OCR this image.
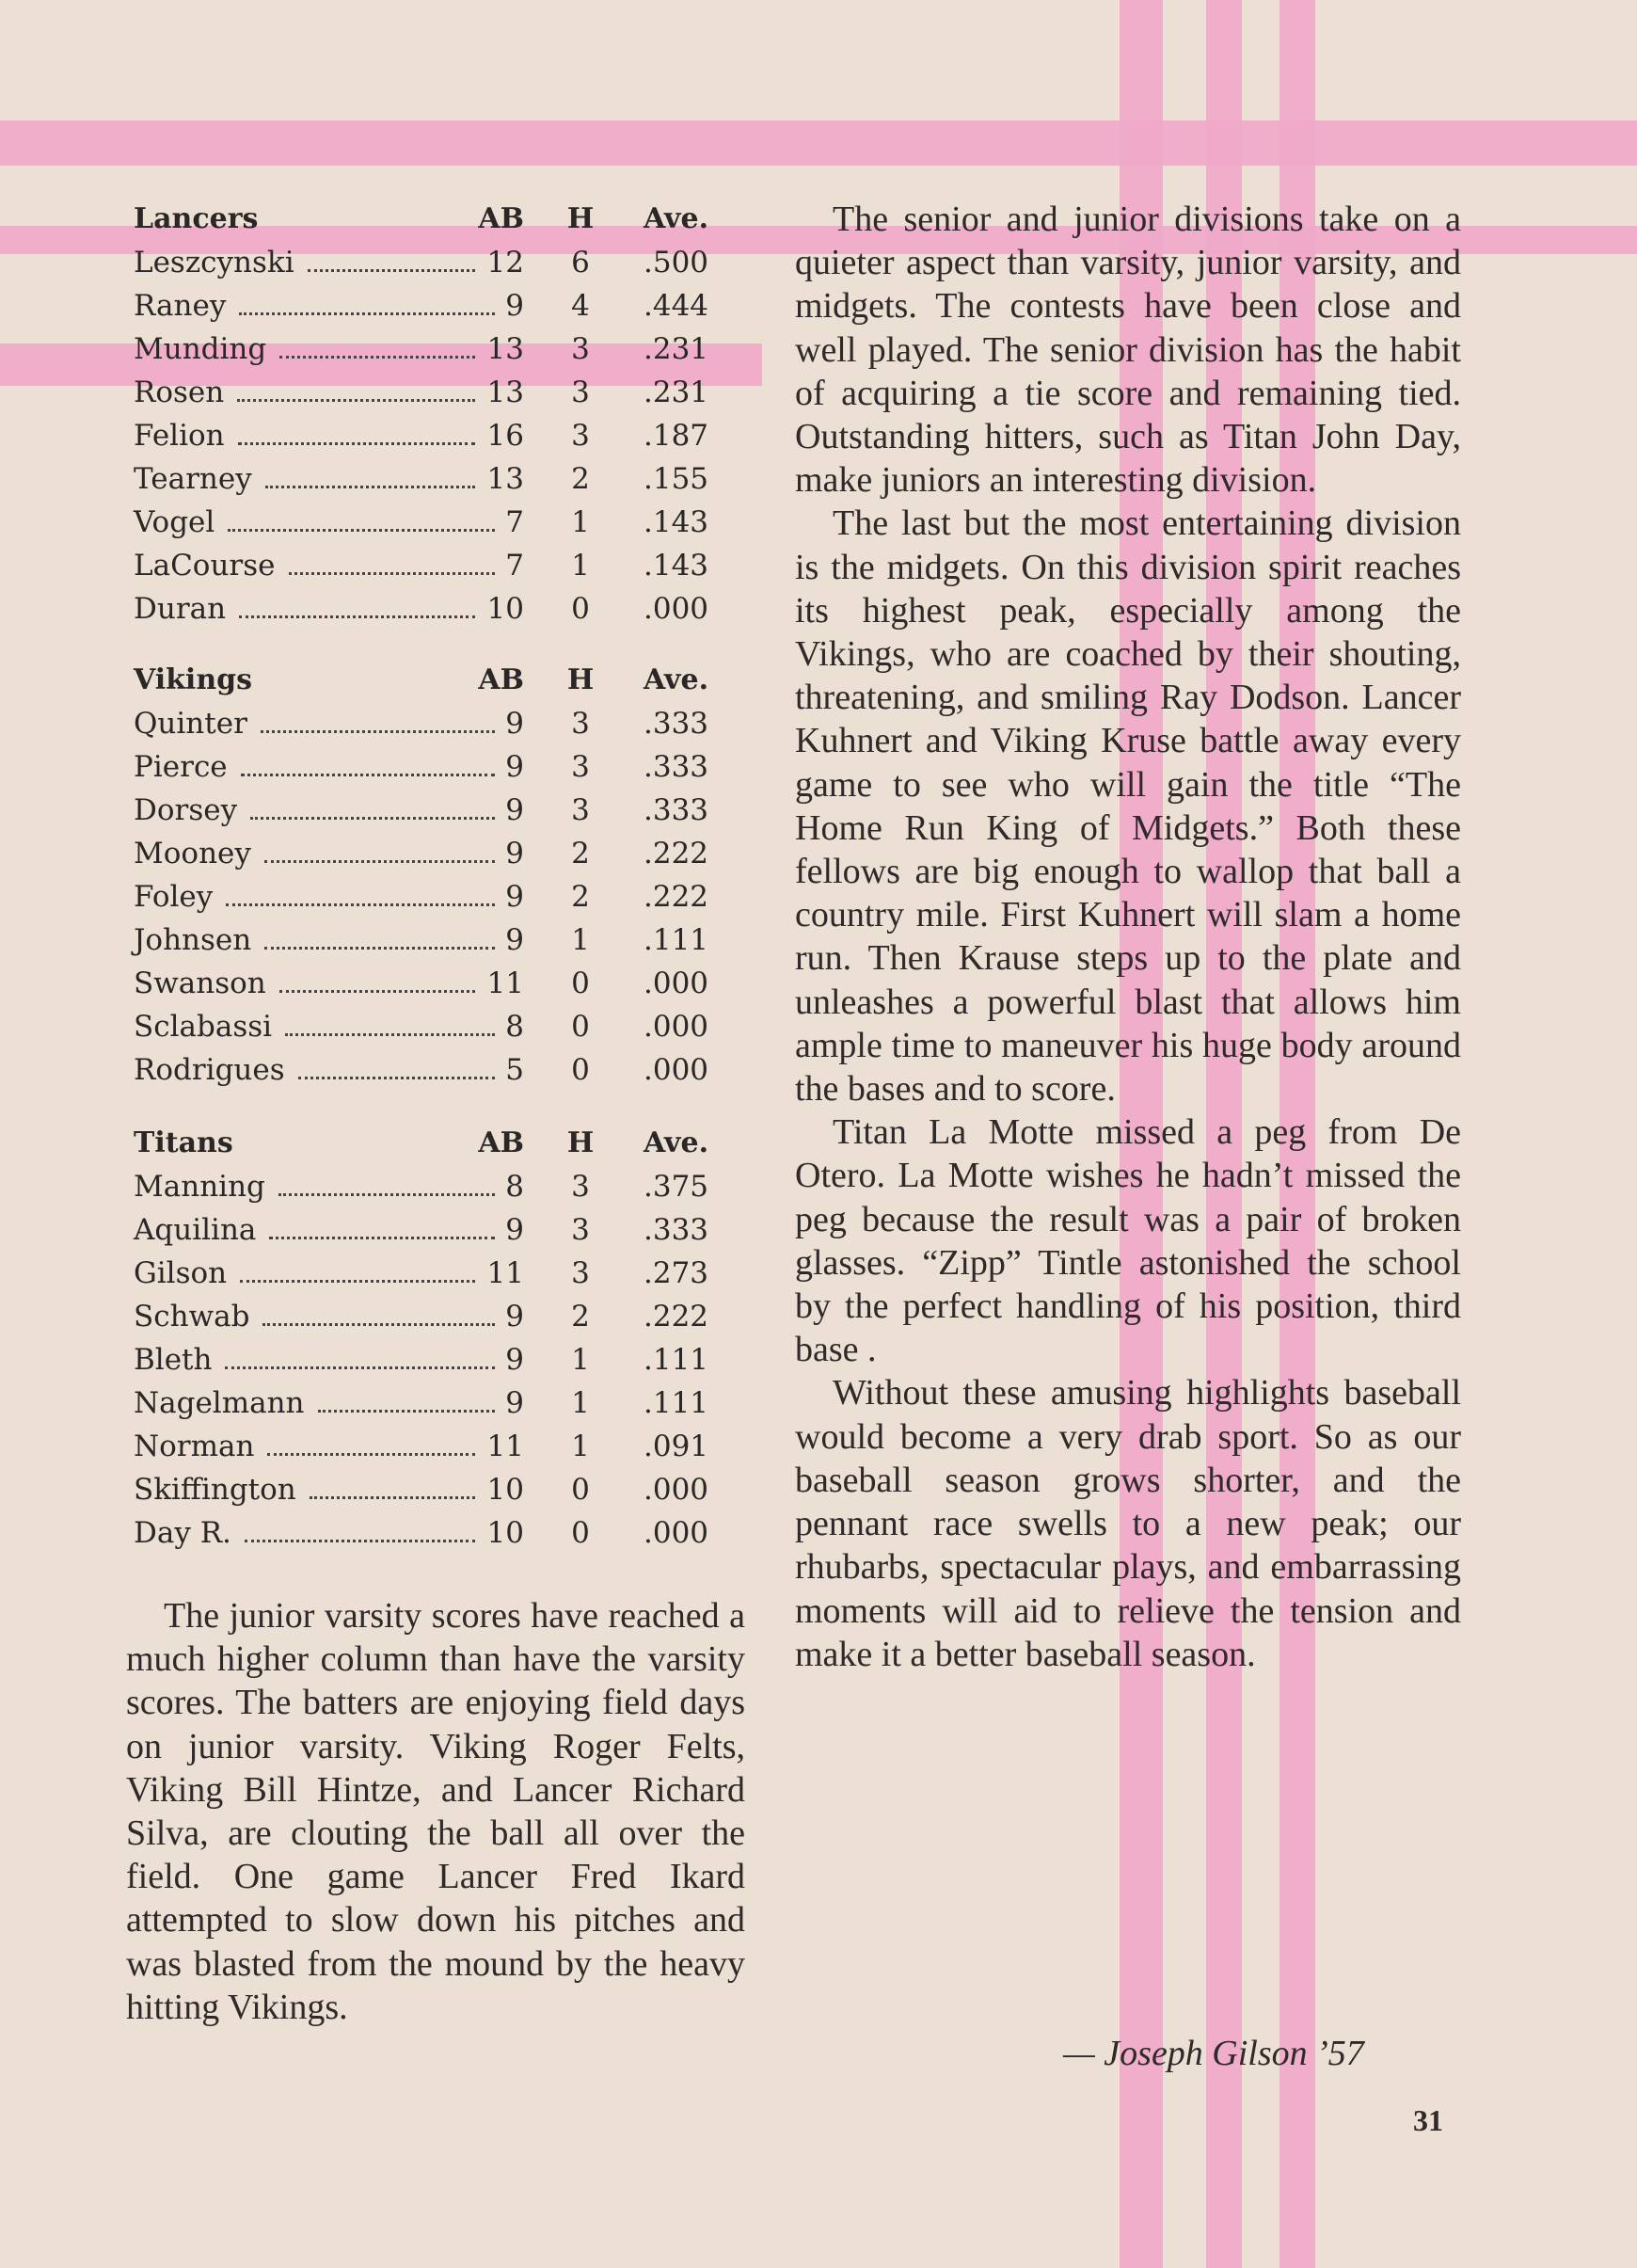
Lancers	AB	H	Ave.
Leszcynski	12	6	.500
Raney	9	4	.444
Munding	13	3	.231
Rosen	13	3	.231
Felion	16	3	.187
Tearney	13	2	.155
Vogel	7	1	.143
LaCourse	7	1	.143
Duran	10	0	.000
Vikings	AB	H	Ave.
Quinter	9	3	.333
Pierce	9	3	.333
Dorsey	9	3	.333
Mooney	9	2	.222
Foley	9	2	.222
Johnsen	9	1	.111
Swanson	11	0	.000
Sclabassi	8	0	.000
Rodrigues	5	0	.000
Titans	AB	H	Ave.
Manning	8	3	.375
Aquilina	9	3	.333
Gilson	11	3	.273
Schwab	9	2	.222
Bleth	9	1	.111
Nagelmann	9	1	.111
Norman	11	1	.091
Skiffington	10	0	.000
Day R.	10	0	.000

The junior varsity scores have reached a much higher column than have the varsity scores. The batters are enjoying field days on junior varsity. Viking Roger Felts, Viking Bill Hintze, and Lancer Richard Silva, are clouting the ball all over the field. One game Lancer Fred Ikard attempted to slow down his pitches and was blasted from the mound by the heavy hitting Vikings.

The senior and junior divisions take on a quieter aspect than varsity, junior varsity, and midgets. The contests have been close and well played. The senior division has the habit of acquiring a tie score and remaining tied. Outstanding hitters, such as Titan John Day, make juniors an interesting division.

The last but the most entertaining division is the midgets. On this division spirit reaches its highest peak, especially among the Vikings, who are coached by their shouting, threatening, and smiling Ray Dodson. Lancer Kuhnert and Viking Kruse battle away every game to see who will gain the title “The Home Run King of Midgets.” Both these fellows are big enough to wallop that ball a country mile. First Kuhnert will slam a home run. Then Krause steps up to the plate and unleashes a powerful blast that allows him ample time to maneuver his huge body around the bases and to score.

Titan La Motte missed a peg from De Otero. La Motte wishes he hadn’t missed the peg because the result was a pair of broken glasses. “Zipp” Tintle astonished the school by the perfect handling of his position, third base .

Without these amusing highlights baseball would become a very drab sport. So as our baseball season grows shorter, and the pennant race swells to a new peak; our rhubarbs, spectacular plays, and embarrassing moments will aid to relieve the tension and make it a better baseball season.

— Joseph Gilson ’57
31
